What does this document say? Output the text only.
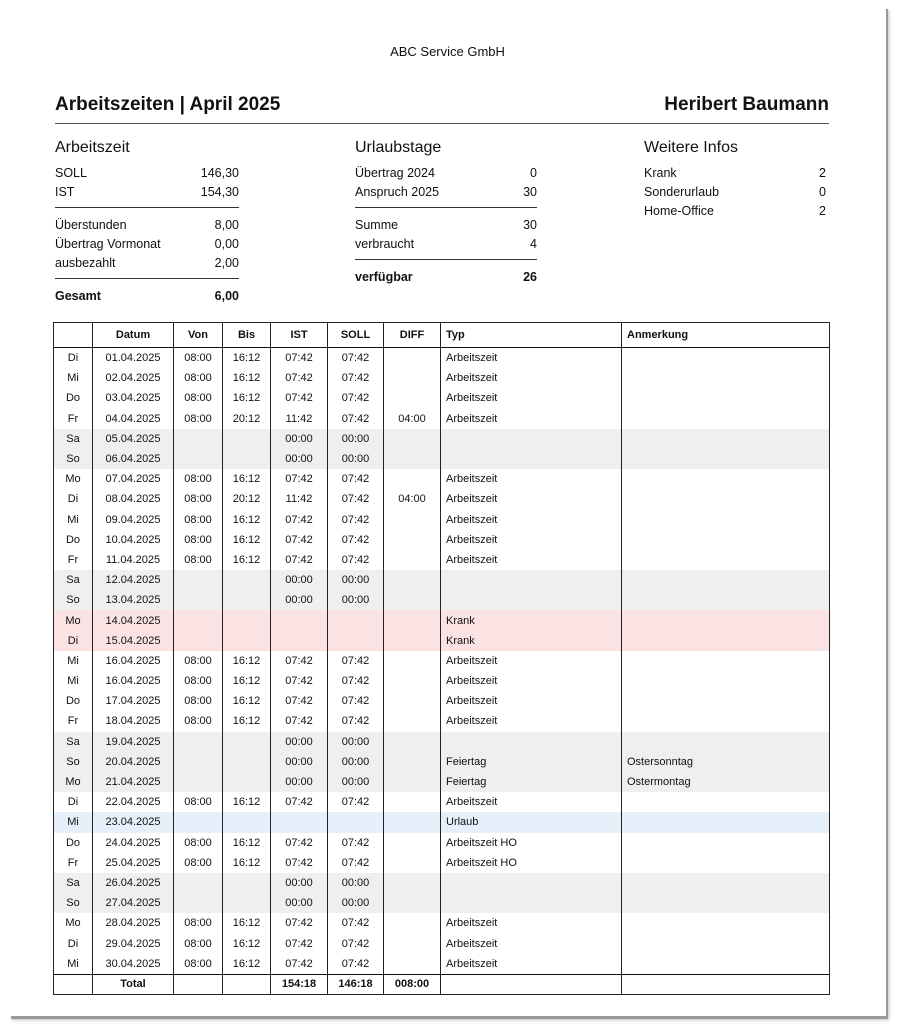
ABC Service GmbH
Arbeitszeiten | April 2025	Heribert Baumann
Arbeitszeit
SOLL	146,30
IST	154,30
Überstunden	8,00
Übertrag Vormonat	0,00
ausbezahlt	2,00
Gesamt	6,00
Urlaubstage
Übertrag 2024	0
Anspruch 2025	30
Summe	30
verbraucht	4
verfügbar	26
Weitere Infos
Krank	2
Sonderurlaub	0
Home-Office	2
	Datum	Von	Bis	IST	SOLL	DIFF	Typ	Anmerkung
Di	01.04.2025	08:00	16:12	07:42	07:42		Arbeitszeit	
Mi	02.04.2025	08:00	16:12	07:42	07:42		Arbeitszeit	
Do	03.04.2025	08:00	16:12	07:42	07:42		Arbeitszeit	
Fr	04.04.2025	08:00	20:12	11:42	07:42	04:00	Arbeitszeit	
Sa	05.04.2025			00:00	00:00			
So	06.04.2025			00:00	00:00			
Mo	07.04.2025	08:00	16:12	07:42	07:42		Arbeitszeit	
Di	08.04.2025	08:00	20:12	11:42	07:42	04:00	Arbeitszeit	
Mi	09.04.2025	08:00	16:12	07:42	07:42		Arbeitszeit	
Do	10.04.2025	08:00	16:12	07:42	07:42		Arbeitszeit	
Fr	11.04.2025	08:00	16:12	07:42	07:42		Arbeitszeit	
Sa	12.04.2025			00:00	00:00			
So	13.04.2025			00:00	00:00			
Mo	14.04.2025						Krank	
Di	15.04.2025						Krank	
Mi	16.04.2025	08:00	16:12	07:42	07:42		Arbeitszeit	
Mi	16.04.2025	08:00	16:12	07:42	07:42		Arbeitszeit	
Do	17.04.2025	08:00	16:12	07:42	07:42		Arbeitszeit	
Fr	18.04.2025	08:00	16:12	07:42	07:42		Arbeitszeit	
Sa	19.04.2025			00:00	00:00			
So	20.04.2025			00:00	00:00		Feiertag	Ostersonntag
Mo	21.04.2025			00:00	00:00		Feiertag	Ostermontag
Di	22.04.2025	08:00	16:12	07:42	07:42		Arbeitszeit	
Mi	23.04.2025						Urlaub	
Do	24.04.2025	08:00	16:12	07:42	07:42		Arbeitszeit HO	
Fr	25.04.2025	08:00	16:12	07:42	07:42		Arbeitszeit HO	
Sa	26.04.2025			00:00	00:00			
So	27.04.2025			00:00	00:00			
Mo	28.04.2025	08:00	16:12	07:42	07:42		Arbeitszeit	
Di	29.04.2025	08:00	16:12	07:42	07:42		Arbeitszeit	
Mi	30.04.2025	08:00	16:12	07:42	07:42		Arbeitszeit	
	Total			154:18	146:18	008:00		
